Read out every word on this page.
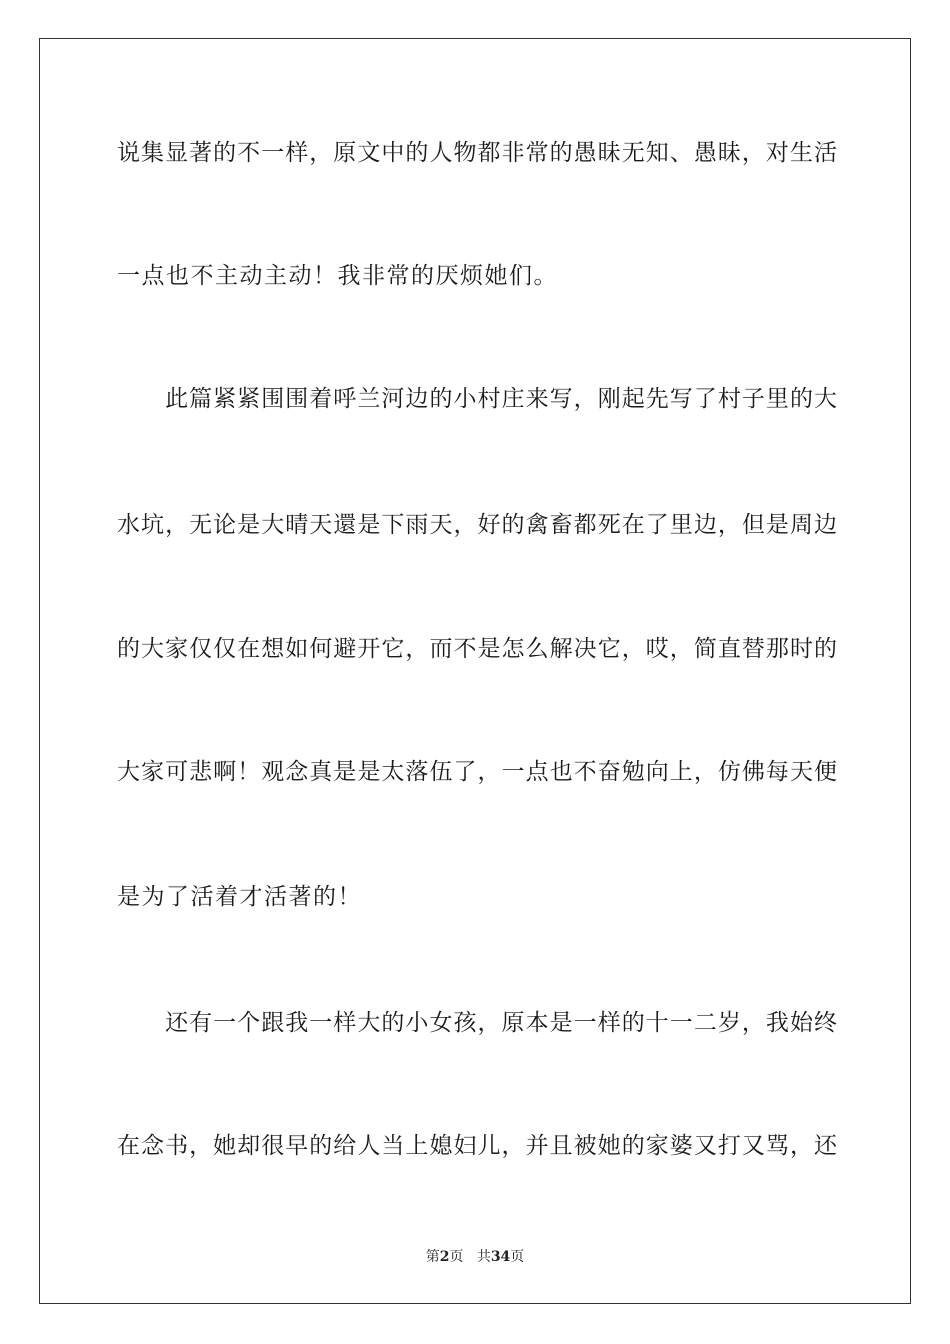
说集显著的不一样，原文中的人物都非常的愚昧无知、愚昧，对生活
一点也不主动主动！我非常的厌烦她们。
　　此篇紧紧围围着呼兰河边的小村庄来写，刚起先写了村子里的大
水坑，无论是大晴天還是下雨天，好的禽畜都死在了里边，但是周边
的大家仅仅在想如何避开它，而不是怎么解决它，哎，简直替那时的
大家可悲啊！观念真是是太落伍了，一点也不奋勉向上，仿佛每天便
是为了活着才活著的！
　　还有一个跟我一样大的小女孩，原本是一样的十一二岁，我始终
在念书，她却很早的给人当上媳妇儿，并且被她的家婆又打又骂，还
第2页 共34页
